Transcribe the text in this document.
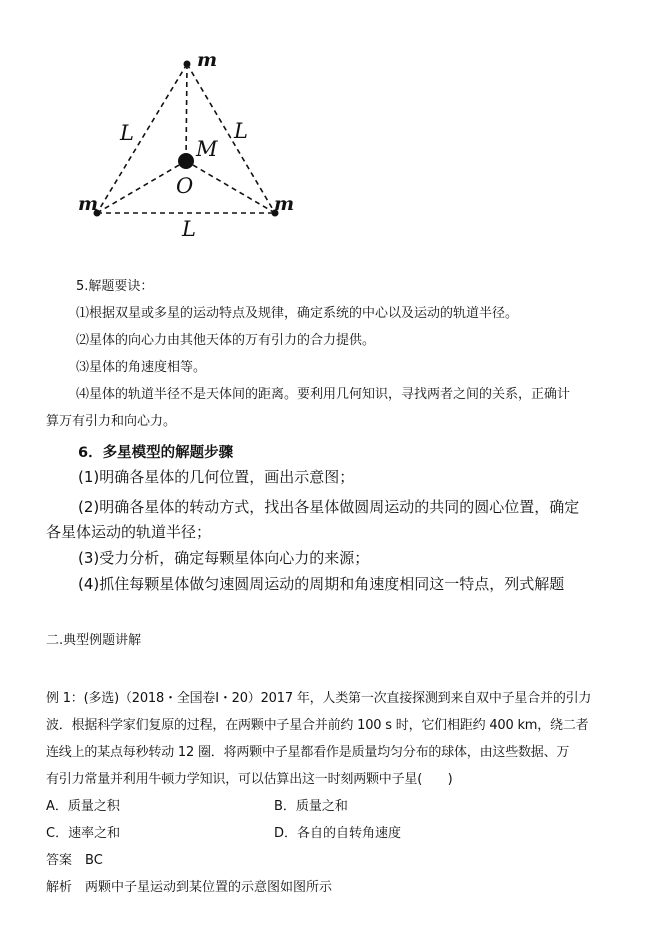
m
m	m
M
O
L	L
L
5.解题要诀：
⑴根据双星或多星的运动特点及规律，确定系统的中心以及运动的轨道半径。
⑵星体的向心力由其他天体的万有引力的合力提供。
⑶星体的角速度相等。
⑷星体的轨道半径不是天体间的距离。要利用几何知识，寻找两者之间的关系，正确计
算万有引力和向心力。
6．多星模型的解题步骤
(1)明确各星体的几何位置，画出示意图；
(2)明确各星体的转动方式，找出各星体做圆周运动的共同的圆心位置，确定
各星体运动的轨道半径；
(3)受力分析，确定每颗星体向心力的来源；
(4)抓住每颗星体做匀速圆周运动的周期和角速度相同这一特点，列式解题
二.典型例题讲解
例 1：(多选)（2018・全国卷Ⅰ・20）2017 年，人类第一次直接探测到来自双中子星合并的引力
波．根据科学家们复原的过程，在两颗中子星合并前约 100 s 时，它们相距约 400 km，绕二者
连线上的某点每秒转动 12 圈．将两颗中子星都看作是质量均匀分布的球体，由这些数据、万
有引力常量并利用牛顿力学知识，可以估算出这一时刻两颗中子星(　　)
A．质量之积	B．质量之和
C．速率之和	D．各自的自转角速度
答案　BC
解析　两颗中子星运动到某位置的示意图如图所示
